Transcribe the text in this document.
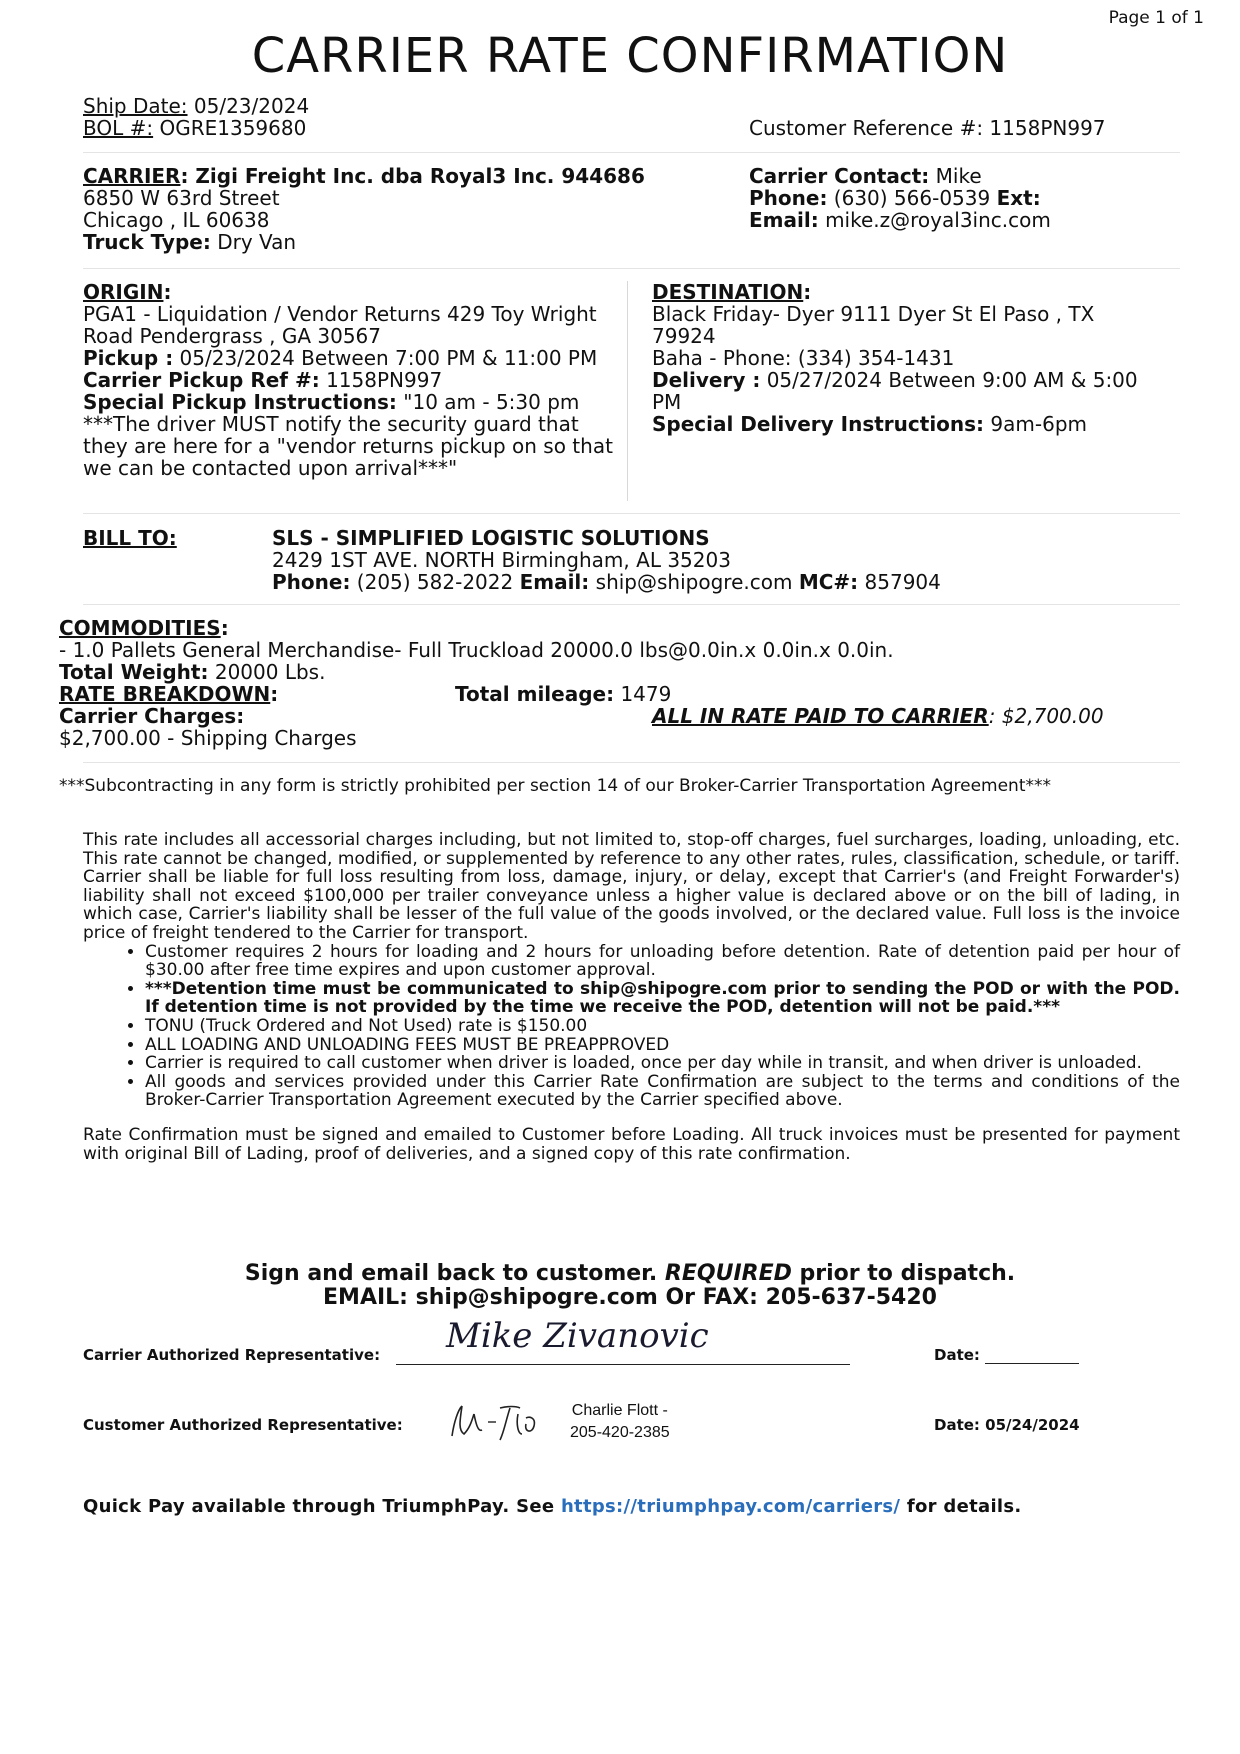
Page 1 of 1
CARRIER RATE CONFIRMATION
Ship Date: 05/23/2024
BOL #: OGRE1359680	Customer Reference #: 1158PN997
CARRIER: Zigi Freight Inc. dba Royal3 Inc. 944686
6850 W 63rd Street
Chicago , IL 60638
Truck Type: Dry Van
Carrier Contact: Mike
Phone: (630) 566-0539 Ext:
Email: mike.z@royal3inc.com
ORIGIN:
PGA1 - Liquidation / Vendor Returns 429 Toy Wright Road Pendergrass , GA 30567
Pickup : 05/23/2024 Between 7:00 PM & 11:00 PM
Carrier Pickup Ref #: 1158PN997
Special Pickup Instructions: "10 am - 5:30 pm ***The driver MUST notify the security guard that they are here for a "vendor returns pickup on so that we can be contacted upon arrival***"
DESTINATION:
Black Friday- Dyer 9111 Dyer St El Paso , TX 79924
Baha - Phone: (334) 354-1431
Delivery : 05/27/2024 Between 9:00 AM & 5:00 PM
Special Delivery Instructions: 9am-6pm
BILL TO:	SLS - SIMPLIFIED LOGISTIC SOLUTIONS
2429 1ST AVE. NORTH Birmingham, AL 35203
Phone: (205) 582-2022 Email: ship@shipogre.com MC#: 857904
COMMODITIES:
- 1.0 Pallets General Merchandise- Full Truckload 20000.0 lbs@0.0in.x 0.0in.x 0.0in.
Total Weight: 20000 Lbs.
RATE BREAKDOWN:
Carrier Charges:
$2,700.00 - Shipping Charges
Total mileage: 1479
ALL IN RATE PAID TO CARRIER: $2,700.00
***Subcontracting in any form is strictly prohibited per section 14 of our Broker-Carrier Transportation Agreement***

This rate includes all accessorial charges including, but not limited to, stop-off charges, fuel surcharges, loading, unloading, etc. This rate cannot be changed, modified, or supplemented by reference to any other rates, rules, classification, schedule, or tariff. Carrier shall be liable for full loss resulting from loss, damage, injury, or delay, except that Carrier's (and Freight Forwarder's) liability shall not exceed $100,000 per trailer conveyance unless a higher value is declared above or on the bill of lading, in which case, Carrier's liability shall be lesser of the full value of the goods involved, or the declared value. Full loss is the invoice price of freight tendered to the Carrier for transport.

• Customer requires 2 hours for loading and 2 hours for unloading before detention. Rate of detention paid per hour of $30.00 after free time expires and upon customer approval.
• ***Detention time must be communicated to ship@shipogre.com prior to sending the POD or with the POD. If detention time is not provided by the time we receive the POD, detention will not be paid.***
• TONU (Truck Ordered and Not Used) rate is $150.00
• ALL LOADING AND UNLOADING FEES MUST BE PREAPPROVED
• Carrier is required to call customer when driver is loaded, once per day while in transit, and when driver is unloaded.
• All goods and services provided under this Carrier Rate Confirmation are subject to the terms and conditions of the Broker-Carrier Transportation Agreement executed by the Carrier specified above.

Rate Confirmation must be signed and emailed to Customer before Loading. All truck invoices must be presented for payment with original Bill of Lading, proof of deliveries, and a signed copy of this rate confirmation.

Sign and email back to customer. REQUIRED prior to dispatch.
EMAIL: ship@shipogre.com Or FAX: 205-637-5420
Carrier Authorized Representative: Mike Zivanovic	Date:
Customer Authorized Representative:
Charlie Flott -
205-420-2385	Date: 05/24/2024
Quick Pay available through TriumphPay. See https://triumphpay.com/carriers/ for details.
